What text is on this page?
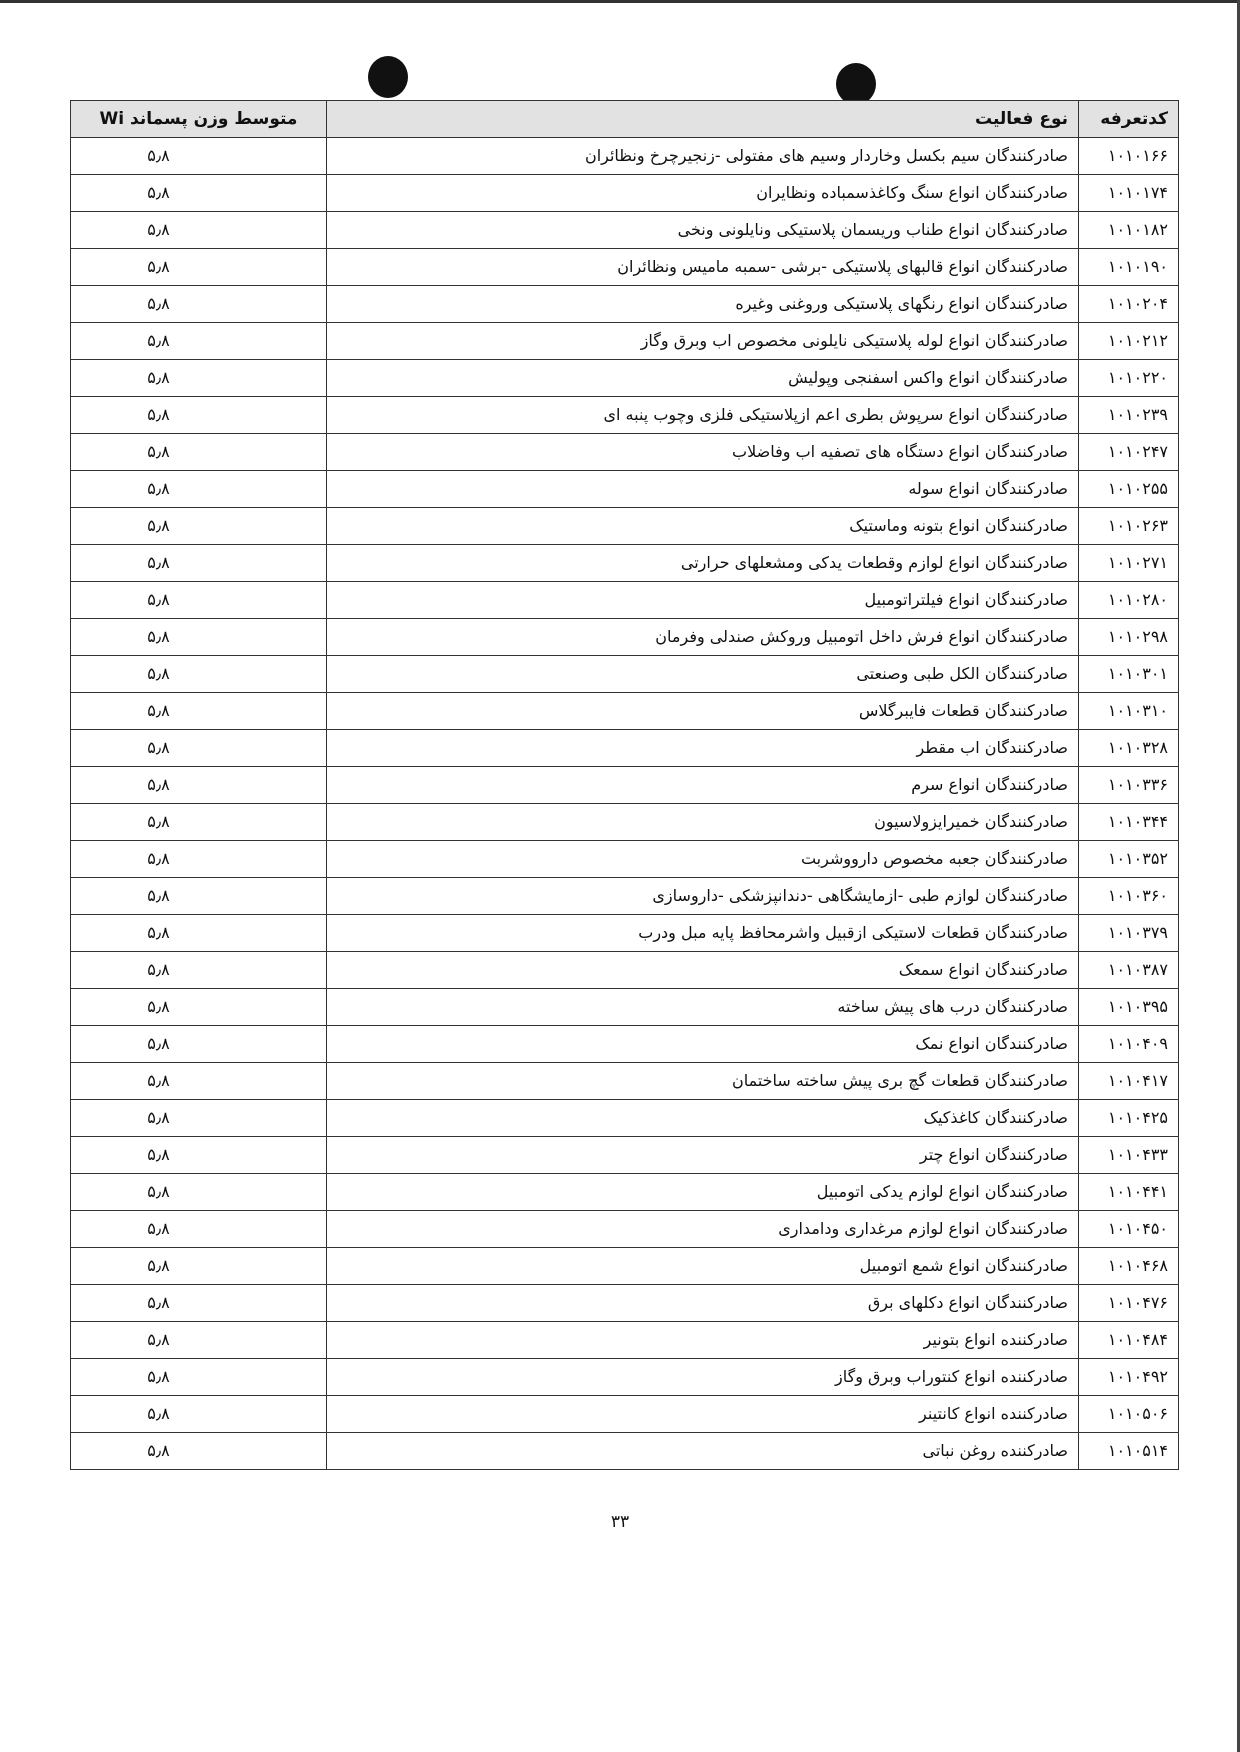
کدتعرفه	نوع فعالیت	متوسط وزن پسماند Wi
۱۰۱۰۱۶۶	صادرکنندگان سیم بکسل وخاردار وسیم های مفتولی -زنجیرچرخ ونظائران	۵٫۸
۱۰۱۰۱۷۴	صادرکنندگان انواع سنگ وکاغذسمباده ونظایران	۵٫۸
۱۰۱۰۱۸۲	صادرکنندگان انواع طناب وریسمان پلاستیکی ونایلونی ونخی	۵٫۸
۱۰۱۰۱۹۰	صادرکنندگان انواع قالبهای پلاستیکی -برشی -سمبه ماميس ونظائران	۵٫۸
۱۰۱۰۲۰۴	صادرکنندگان انواع رنگهای پلاستیکی وروغنی وغیره	۵٫۸
۱۰۱۰۲۱۲	صادرکنندگان انواع لوله پلاستیکی نایلونی مخصوص اب وبرق وگاز	۵٫۸
۱۰۱۰۲۲۰	صادرکنندگان انواع واکس اسفنجی وپولیش	۵٫۸
۱۰۱۰۲۳۹	صادرکنندگان انواع سرپوش بطری اعم ازپلاستیکی فلزی وچوب پنبه ای	۵٫۸
۱۰۱۰۲۴۷	صادرکنندگان انواع دستگاه های تصفیه اب وفاضلاب	۵٫۸
۱۰۱۰۲۵۵	صادرکنندگان انواع سوله	۵٫۸
۱۰۱۰۲۶۳	صادرکنندگان انواع بتونه وماستیک	۵٫۸
۱۰۱۰۲۷۱	صادرکنندگان انواع لوازم وقطعات یدکی ومشعلهای حرارتی	۵٫۸
۱۰۱۰۲۸۰	صادرکنندگان انواع فیلتراتومبیل	۵٫۸
۱۰۱۰۲۹۸	صادرکنندگان انواع فرش داخل اتومبیل وروکش صندلی وفرمان	۵٫۸
۱۰۱۰۳۰۱	صادرکنندگان الکل طبی وصنعتی	۵٫۸
۱۰۱۰۳۱۰	صادرکنندگان قطعات فایبرگلاس	۵٫۸
۱۰۱۰۳۲۸	صادرکنندگان اب مقطر	۵٫۸
۱۰۱۰۳۳۶	صادرکنندگان انواع سرم	۵٫۸
۱۰۱۰۳۴۴	صادرکنندگان خمیرایزولاسیون	۵٫۸
۱۰۱۰۳۵۲	صادرکنندگان جعبه مخصوص دارووشربت	۵٫۸
۱۰۱۰۳۶۰	صادرکنندگان لوازم طبی -ازمایشگاهی -دندانپزشکی -داروسازی	۵٫۸
۱۰۱۰۳۷۹	صادرکنندگان قطعات لاستیکی ازقبیل واشرمحافظ پایه مبل ودرب	۵٫۸
۱۰۱۰۳۸۷	صادرکنندگان انواع سمعک	۵٫۸
۱۰۱۰۳۹۵	صادرکنندگان درب های پیش ساخته	۵٫۸
۱۰۱۰۴۰۹	صادرکنندگان انواع نمک	۵٫۸
۱۰۱۰۴۱۷	صادرکنندگان قطعات گچ بری پیش ساخته ساختمان	۵٫۸
۱۰۱۰۴۲۵	صادرکنندگان کاغذکیک	۵٫۸
۱۰۱۰۴۳۳	صادرکنندگان انواع چتر	۵٫۸
۱۰۱۰۴۴۱	صادرکنندگان انواع لوازم یدکی اتومبیل	۵٫۸
۱۰۱۰۴۵۰	صادرکنندگان انواع لوازم مرغداری ودامداری	۵٫۸
۱۰۱۰۴۶۸	صادرکنندگان انواع شمع اتومبیل	۵٫۸
۱۰۱۰۴۷۶	صادرکنندگان انواع دکلهای برق	۵٫۸
۱۰۱۰۴۸۴	صادرکننده انواع بتونیر	۵٫۸
۱۰۱۰۴۹۲	صادرکننده انواع کنتوراب وبرق وگاز	۵٫۸
۱۰۱۰۵۰۶	صادرکننده انواع کانتینر	۵٫۸
۱۰۱۰۵۱۴	صادرکننده روغن نباتی	۵٫۸
۳۳
